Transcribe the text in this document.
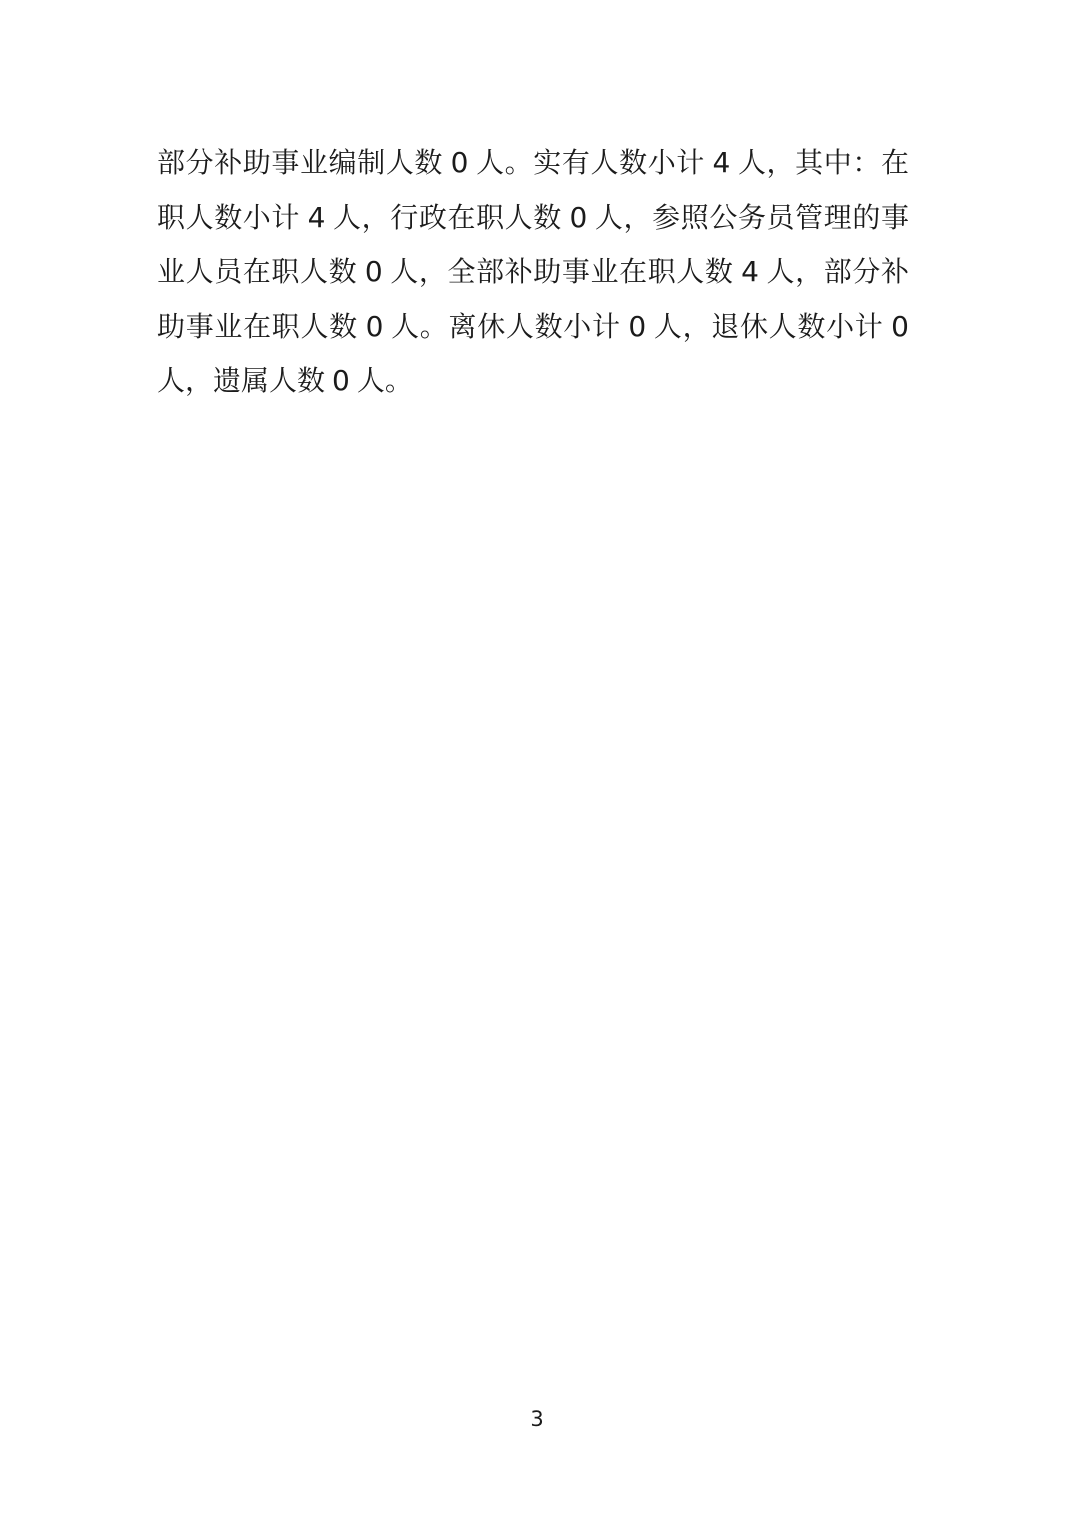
部分补助事业编制人数 0 人。实有人数小计 4 人，其中：在
职人数小计 4 人，行政在职人数 0 人，参照公务员管理的事
业人员在职人数 0 人，全部补助事业在职人数 4 人，部分补
助事业在职人数 0 人。离休人数小计 0 人，退休人数小计 0
人，遗属人数 0 人。
3
